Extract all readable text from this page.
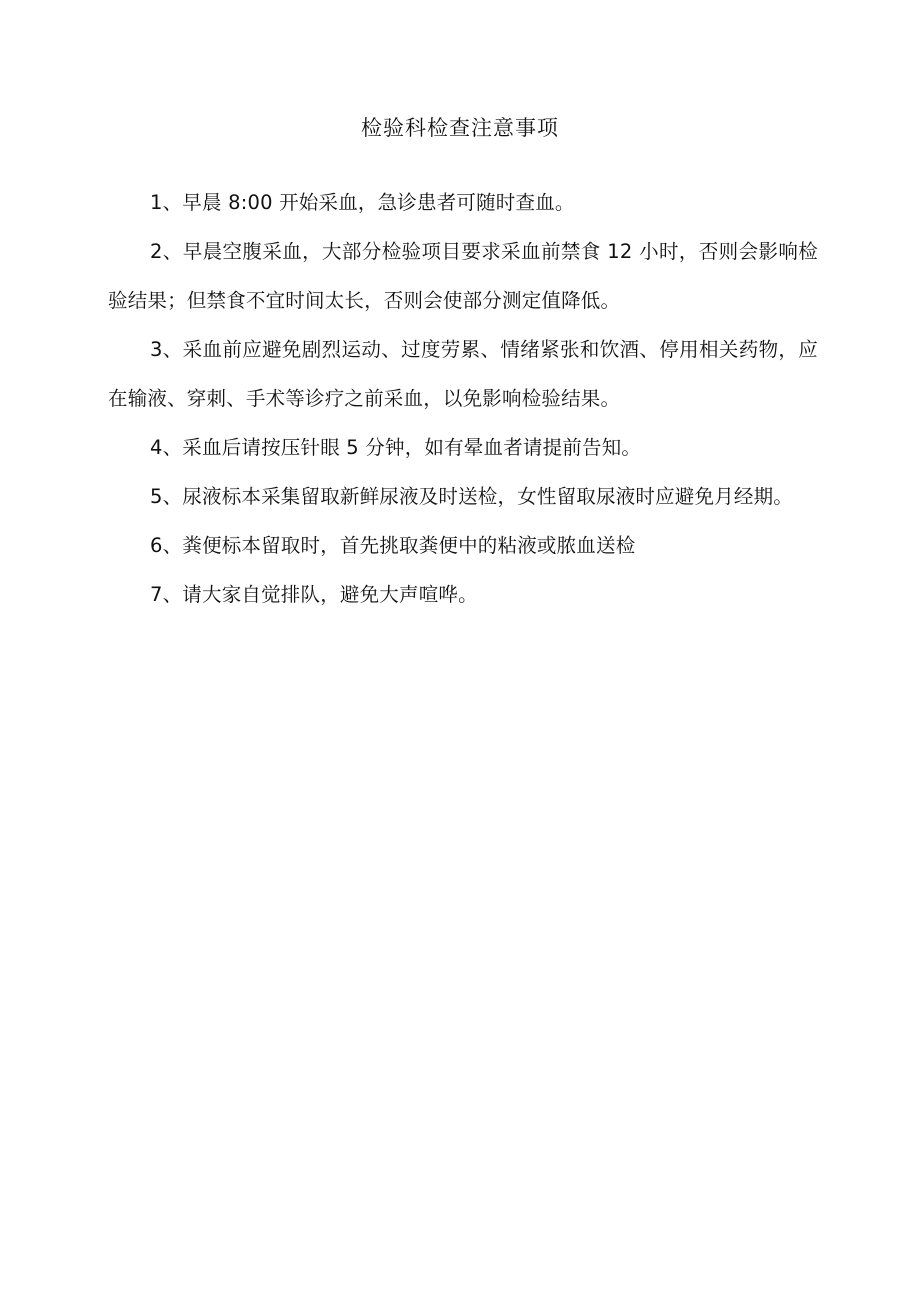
检验科检查注意事项
1、早晨 8:00 开始采血，急诊患者可随时查血。
2、早晨空腹采血，大部分检验项目要求采血前禁食 12 小时，否则会影响检验结果；但禁食不宜时间太长，否则会使部分测定值降低。
3、采血前应避免剧烈运动、过度劳累、情绪紧张和饮酒、停用相关药物，应在输液、穿刺、手术等诊疗之前采血，以免影响检验结果。
4、采血后请按压针眼 5 分钟，如有晕血者请提前告知。
5、尿液标本采集留取新鲜尿液及时送检，女性留取尿液时应避免月经期。
6、粪便标本留取时，首先挑取粪便中的粘液或脓血送检
7、请大家自觉排队，避免大声喧哗。
